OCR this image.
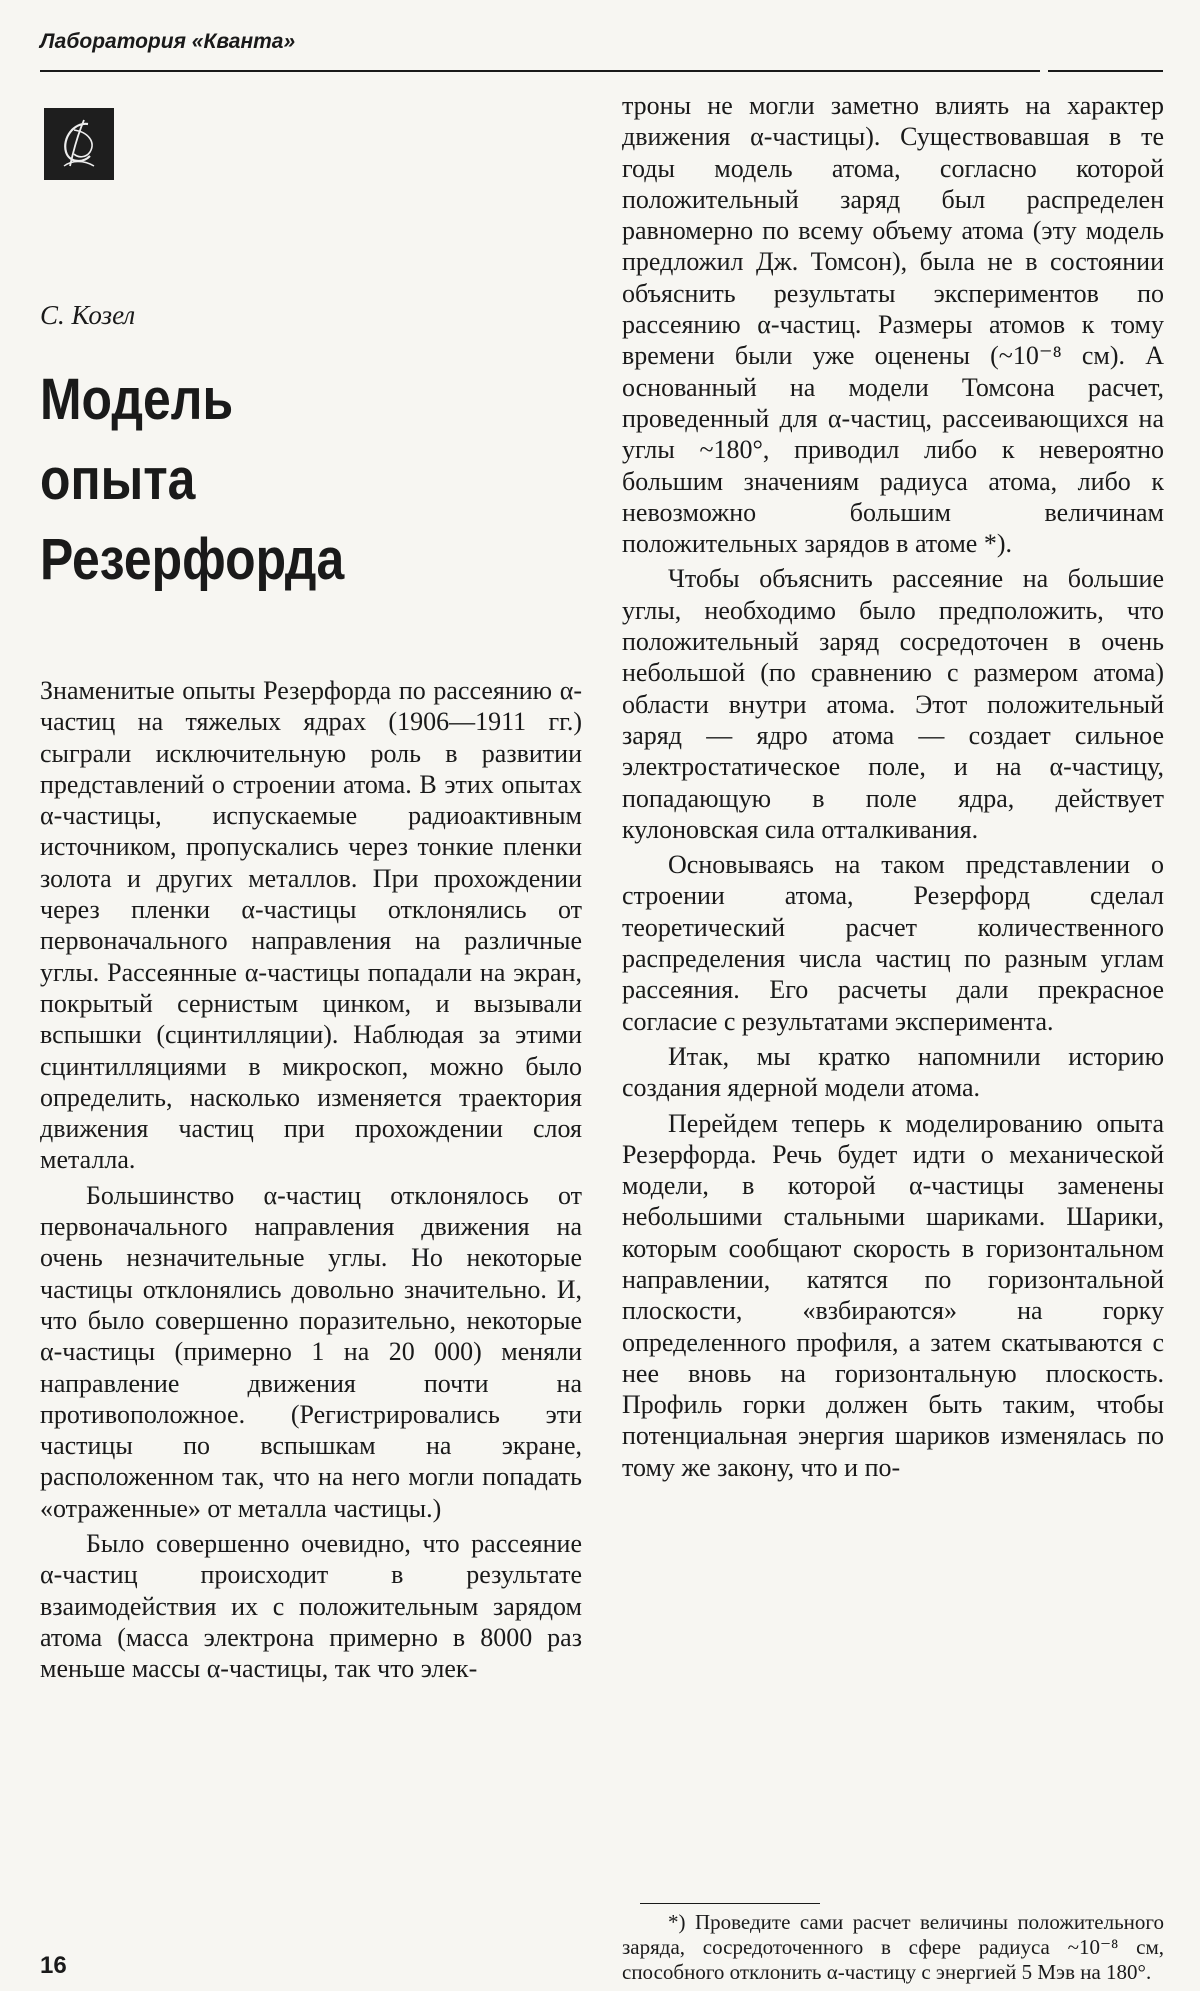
Лаборатория «Кванта»
С. Козел
Модель
опыта
Резерфорда

Знаменитые опыты Резерфорда по рассеянию α-частиц на тяжелых ядрах (1906—1911 гг.) сыграли исключительную роль в развитии представлений о строении атома. В этих опытах α-частицы, испускаемые радиоактивным источником, пропускались через тонкие пленки золота и других металлов. При прохождении через пленки α-частицы отклонялись от первоначального направления на различные углы. Рассеянные α-частицы попадали на экран, покрытый сернистым цинком, и вызывали вспышки (сцинтилляции). Наблюдая за этими сцинтилляциями в микроскоп, можно было определить, насколько изменяется траектория движения частиц при прохождении слоя металла.

Большинство α-частиц отклонялось от первоначального направления движения на очень незначительные углы. Но некоторые частицы отклонялись довольно значительно. И, что было совершенно поразительно, некоторые α-частицы (примерно 1 на 20 000) меняли направление движения почти на противоположное. (Регистрировались эти частицы по вспышкам на экране, расположенном так, что на него могли попадать «отраженные» от металла частицы.)

Было совершенно очевидно, что рассеяние α-частиц происходит в результате взаимодействия их с положительным зарядом атома (масса электрона примерно в 8000 раз меньше массы α-частицы, так что элек-

троны не могли заметно влиять на характер движения α-частицы). Существовавшая в те годы модель атома, согласно которой положительный заряд был распределен равномерно по всему объему атома (эту модель предложил Дж. Томсон), была не в состоянии объяснить результаты экспериментов по рассеянию α-частиц. Размеры атомов к тому времени были уже оценены (~10⁻⁸ см). А основанный на модели Томсона расчет, проведенный для α-частиц, рассеивающихся на углы ~180°, приводил либо к невероятно большим значениям радиуса атома, либо к невозможно большим величинам положительных зарядов в атоме *).

Чтобы объяснить рассеяние на большие углы, необходимо было предположить, что положительный заряд сосредоточен в очень небольшой (по сравнению с размером атома) области внутри атома. Этот положительный заряд — ядро атома — создает сильное электростатическое поле, и на α-частицу, попадающую в поле ядра, действует кулоновская сила отталкивания.

Основываясь на таком представлении о строении атома, Резерфорд сделал теоретический расчет количественного распределения числа частиц по разным углам рассеяния. Его расчеты дали прекрасное согласие с результатами эксперимента.

Итак, мы кратко напомнили историю создания ядерной модели атома.

Перейдем теперь к моделированию опыта Резерфорда. Речь будет идти о механической модели, в которой α-частицы заменены небольшими стальными шариками. Шарики, которым сообщают скорость в горизонтальном направлении, катятся по горизонтальной плоскости, «взбираются» на горку определенного профиля, а затем скатываются с нее вновь на горизонтальную плоскость. Профиль горки должен быть таким, чтобы потенциальная энергия шариков изменялась по тому же закону, что и по-

*) Проведите сами расчет величины положительного заряда, сосредоточенного в сфере радиуса ~10⁻⁸ см, способного отклонить α-частицу с энергией 5 Мэв на 180°.
16
